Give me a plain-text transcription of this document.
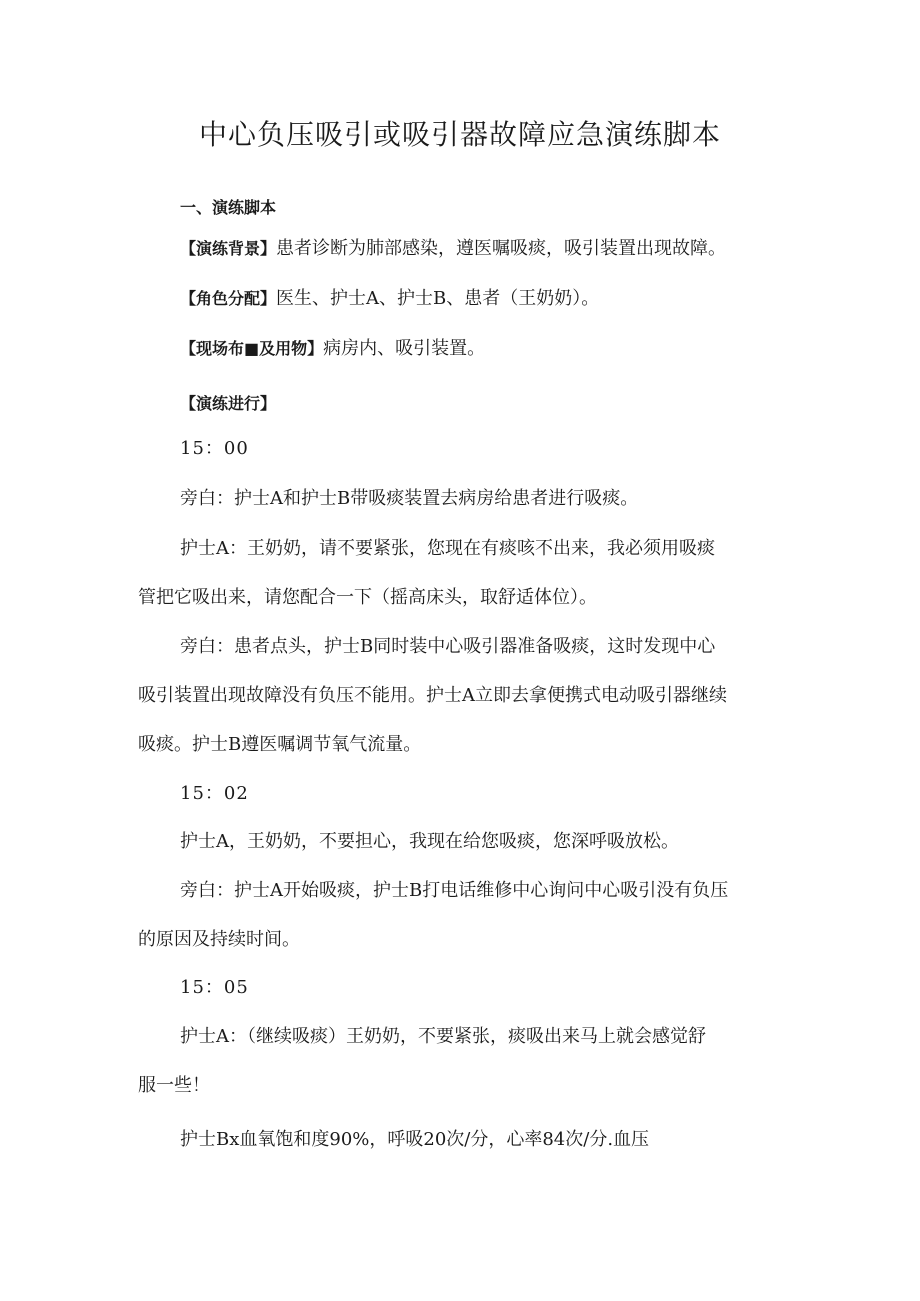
中心负压吸引或吸引器故障应急演练脚本

一、演练脚本

【演练背景】患者诊断为肺部感染，遵医嘱吸痰，吸引装置出现故障。

【角色分配】医生、护士A、护士B、患者（王奶奶）。

【现场布■及用物】病房内、吸引装置。

【演练进行】

15：00

旁白：护士A和护士B带吸痰装置去病房给患者进行吸痰。

护士A：王奶奶，请不要紧张，您现在有痰咳不出来，我必须用吸痰

管把它吸出来，请您配合一下（摇高床头，取舒适体位）。

旁白：患者点头，护士B同时装中心吸引器准备吸痰，这时发现中心

吸引装置出现故障没有负压不能用。护士A立即去拿便携式电动吸引器继续

吸痰。护士B遵医嘱调节氧气流量。

15：02

护士A，王奶奶，不要担心，我现在给您吸痰，您深呼吸放松。

旁白：护士A开始吸痰，护士B打电话维修中心询问中心吸引没有负压

的原因及持续时间。

15：05

护士A：（继续吸痰）王奶奶，不要紧张，痰吸出来马上就会感觉舒

服一些！

护士Bx血氧饱和度90%，呼吸20次/分，心率84次/分.血压
